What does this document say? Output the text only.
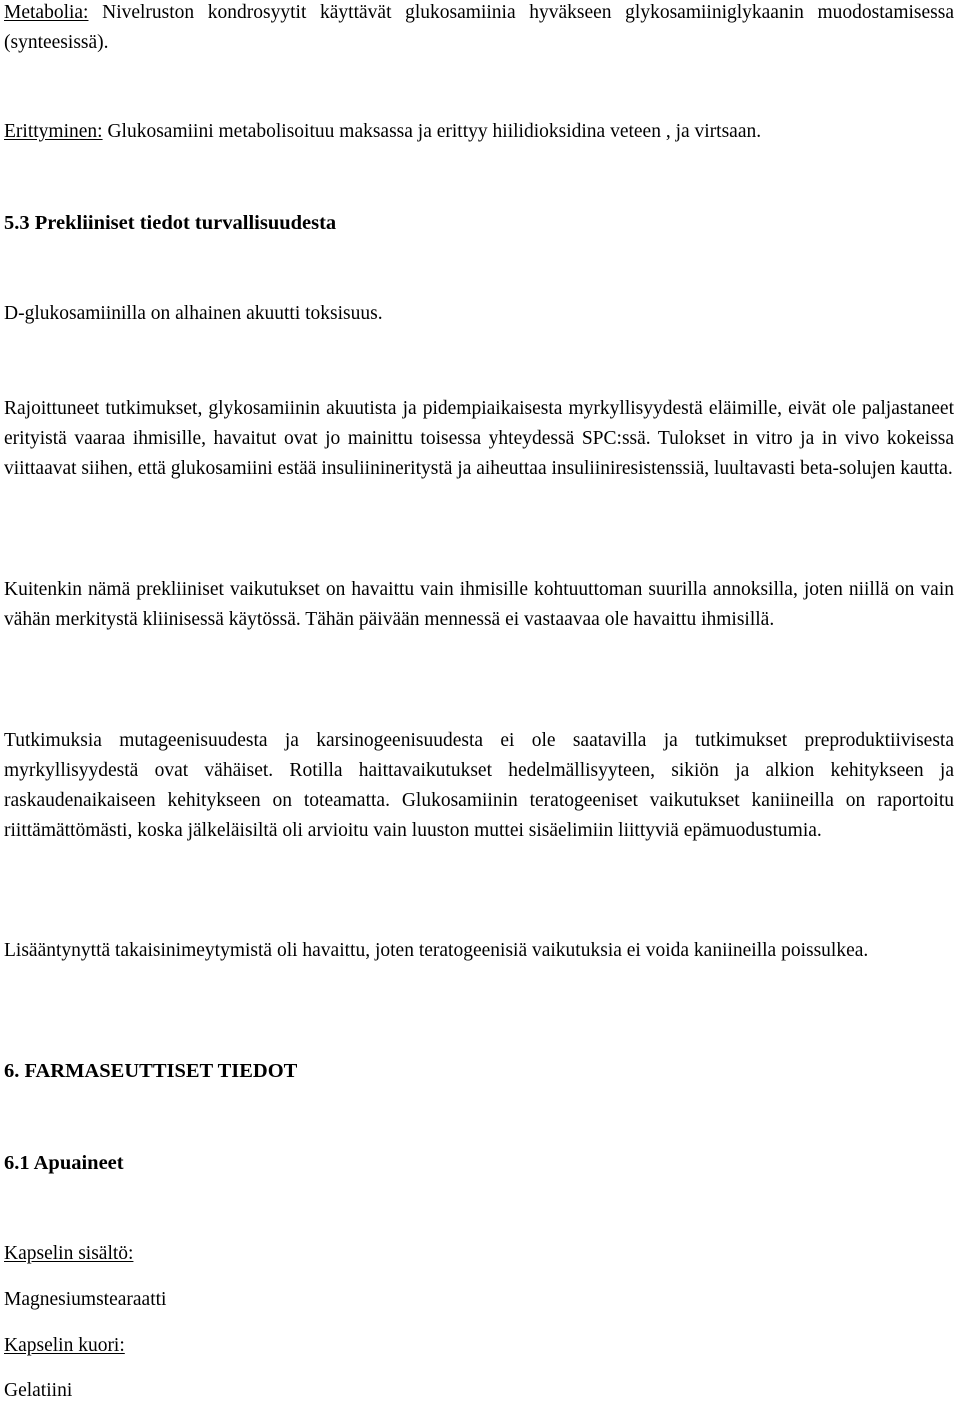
Metabolia: Nivelruston kondrosyytit käyttävät glukosamiinia hyväkseen glykosamiiniglykaanin muodostamisessa (synteesissä).

Erittyminen: Glukosamiini metabolisoituu maksassa ja erittyy hiilidioksidina veteen , ja virtsaan.

5.3 Prekliiniset tiedot turvallisuudesta

D-glukosamiinilla on alhainen akuutti toksisuus.

Rajoittuneet tutkimukset, glykosamiinin akuutista ja pidempiaikaisesta myrkyllisyydestä eläimille, eivät ole paljastaneet erityistä vaaraa ihmisille, havaitut ovat jo mainittu toisessa yhteydessä SPC:ssä. Tulokset in vitro ja in vivo kokeissa viittaavat siihen, että glukosamiini estää insuliinineritystä ja aiheuttaa insuliiniresistenssiä, luultavasti beta-solujen kautta.

Kuitenkin nämä prekliiniset vaikutukset on havaittu vain ihmisille kohtuuttoman suurilla annoksilla, joten niillä on vain vähän merkitystä kliinisessä käytössä. Tähän päivään mennessä ei vastaavaa ole havaittu ihmisillä.

Tutkimuksia mutageenisuudesta ja karsinogeenisuudesta ei ole saatavilla ja tutkimukset preproduktiivisesta myrkyllisyydestä ovat vähäiset. Rotilla haittavaikutukset hedelmällisyyteen, sikiön ja alkion kehitykseen ja raskaudenaikaiseen kehitykseen on toteamatta. Glukosamiinin teratogeeniset vaikutukset kaniineilla on raportoitu riittämättömästi, koska jälkeläisiltä oli arvioitu vain luuston muttei sisäelimiin liittyviä epämuodustumia.

Lisääntynyttä takaisinimeytymistä oli havaittu, joten teratogeenisiä vaikutuksia ei voida kaniineilla poissulkea.

6. FARMASEUTTISET TIEDOT

6.1 Apuaineet

Kapselin sisältö:

Magnesiumstearaatti

Kapselin kuori:

Gelatiini
